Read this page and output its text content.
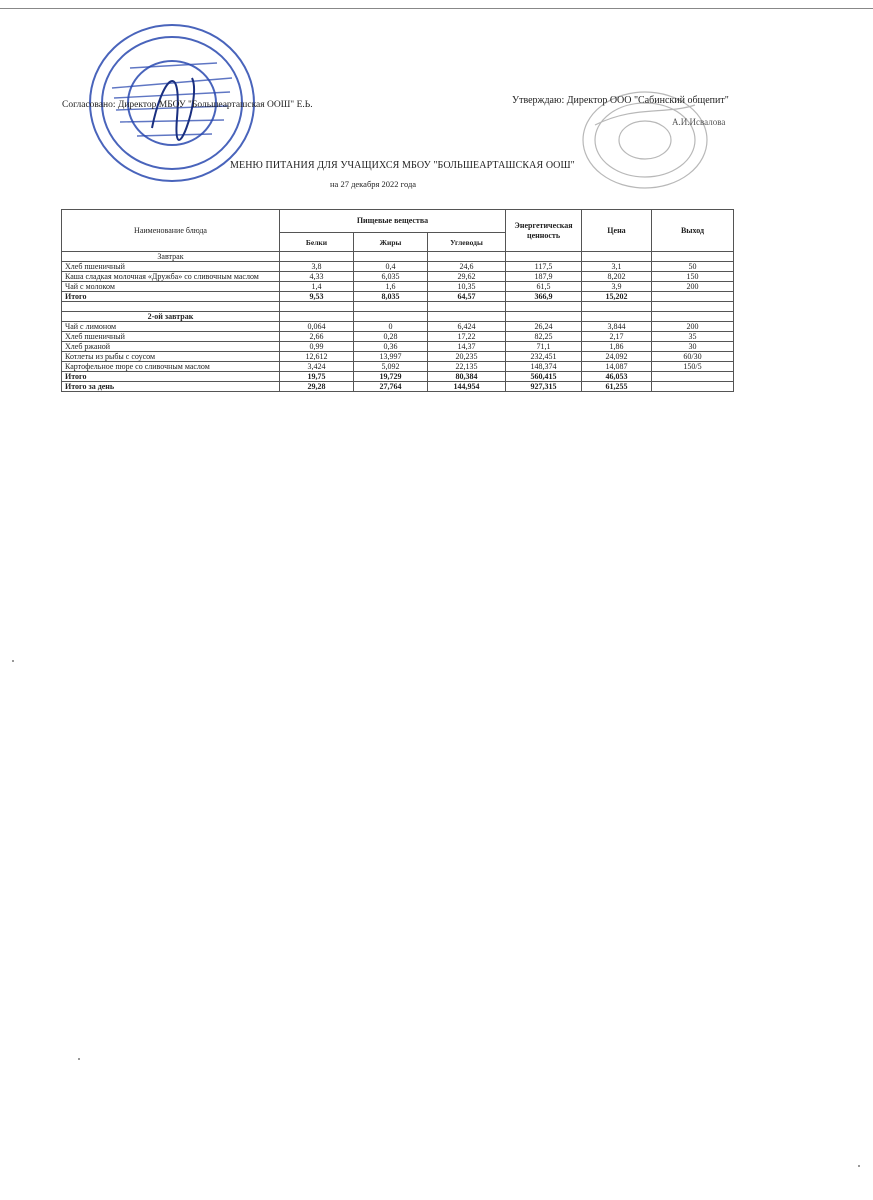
Согласовано: Директор МБОУ "Большеарташская ООШ" Е.Ь.	Утверждаю: Директор ООО "Сабинский общепит"
А.И.Исвалова
МЕНЮ ПИТАНИЯ ДЛЯ УЧАЩИХСЯ МБОУ "БОЛЬШЕАРТАШСКАЯ ООШ"
на 27 декабря 2022 года
Наименование блюда	Пищевые вещества			Энергетическая ценность	Цена	Выход
	Белки	Жиры	Углеводы			
Завтрак						
Хлеб пшеничный	3,8	0,4	24,6	117,5	3,1	50
Каша сладкая молочная «Дружба» со сливочным маслом	4,33	6,035	29,62	187,9	8,202	150
Чай с молоком	1,4	1,6	10,35	61,5	3,9	200
Итого	9,53	8,035	64,57	366,9	15,202	

2-ой завтрак						
Чай с лимоном	0,064	0	6,424	26,24	3,844	200
Хлеб пшеничный	2,66	0,28	17,22	82,25	2,17	35
Хлеб ржаной	0,99	0,36	14,37	71,1	1,86	30
Котлеты из рыбы с соусом	12,612	13,997	20,235	232,451	24,092	60/30
Картофельное пюре со сливочным маслом	3,424	5,092	22,135	148,374	14,087	150/5
Итого	19,75	19,729	80,384	560,415	46,053	
Итого за день	29,28	27,764	144,954	927,315	61,255	
